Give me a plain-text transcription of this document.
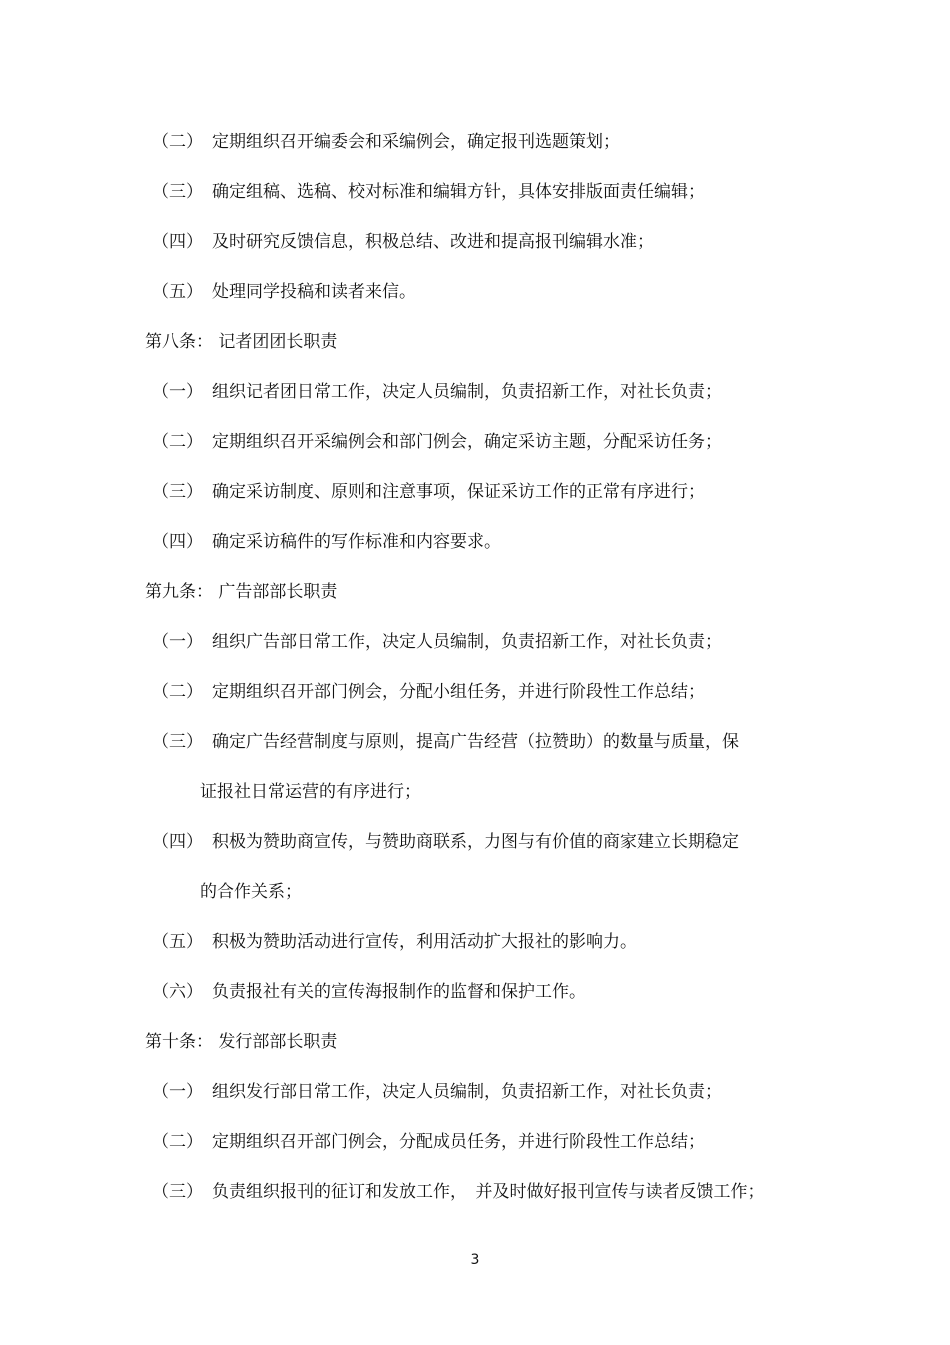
（二） 定期组织召开编委会和采编例会，确定报刊选题策划；
（三） 确定组稿、选稿、校对标准和编辑方针，具体安排版面责任编辑；
（四） 及时研究反馈信息，积极总结、改进和提高报刊编辑水准；
（五） 处理同学投稿和读者来信。
第八条： 记者团团长职责
（一） 组织记者团日常工作，决定人员编制，负责招新工作，对社长负责；
（二） 定期组织召开采编例会和部门例会，确定采访主题，分配采访任务；
（三） 确定采访制度、原则和注意事项，保证采访工作的正常有序进行；
（四） 确定采访稿件的写作标准和内容要求。
第九条： 广告部部长职责
（一） 组织广告部日常工作，决定人员编制，负责招新工作，对社长负责；
（二） 定期组织召开部门例会，分配小组任务，并进行阶段性工作总结；
（三） 确定广告经营制度与原则，提高广告经营（拉赞助）的数量与质量，保
证报社日常运营的有序进行；
（四） 积极为赞助商宣传，与赞助商联系，力图与有价值的商家建立长期稳定
的合作关系；
（五） 积极为赞助活动进行宣传，利用活动扩大报社的影响力。
（六） 负责报社有关的宣传海报制作的监督和保护工作。
第十条： 发行部部长职责
（一） 组织发行部日常工作，决定人员编制，负责招新工作，对社长负责；
（二） 定期组织召开部门例会，分配成员任务，并进行阶段性工作总结；
（三） 负责组织报刊的征订和发放工作，　并及时做好报刊宣传与读者反馈工作；
3
